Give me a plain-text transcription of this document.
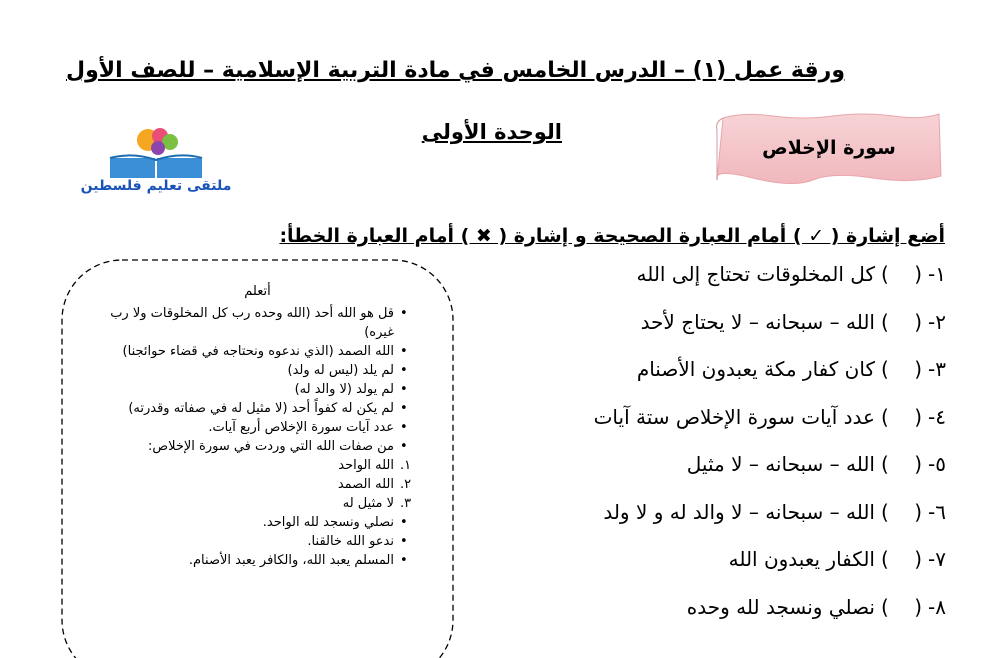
ورقة عمل (١) – الدرس الخامس في مادة التربية الإسلامية – للصف الأول
الوحدة الأولى
سورة الإخلاص
ملتقى تعليم فلسطين
أضع إشارة ( ✓ ) أمام العبارة الصحيحة و إشارة ( ✖ ) أمام العبارة الخطأ:
١-(    )كل المخلوقات تحتاج إلى الله
٢-(    )الله – سبحانه – لا يحتاج لأحد
٣-(    )كان كفار مكة يعبدون الأصنام
٤-(    )عدد آيات سورة الإخلاص ستة آيات
٥-(    )الله – سبحانه – لا مثيل
٦-(    )الله – سبحانه – لا والد له و لا ولد
٧-(    )الكفار يعبدون الله
٨-(    )نصلي ونسجد لله وحده
أتعلم
•
قل هو الله أحد (الله وحده رب كل المخلوقات ولا رب غيره)
•
الله الصمد (الذي ندعوه ونحتاجه في قضاء حوائجنا)
•
لم يلد (ليس له ولد)
•
لم يولد (لا والد له)
•
لم يكن له كفواً أحد (لا مثيل له في صفاته وقدرته)
•
عدد آيات سورة الإخلاص أربع آيات.
•
من صفات الله التي وردت في سورة الإخلاص:
.١
الله الواحد
.٢
الله الصمد
.٣
لا مثيل له
•
نصلي ونسجد لله الواحد.
•
ندعو الله خالقنا.
•
المسلم يعبد الله، والكافر يعبد الأصنام.
